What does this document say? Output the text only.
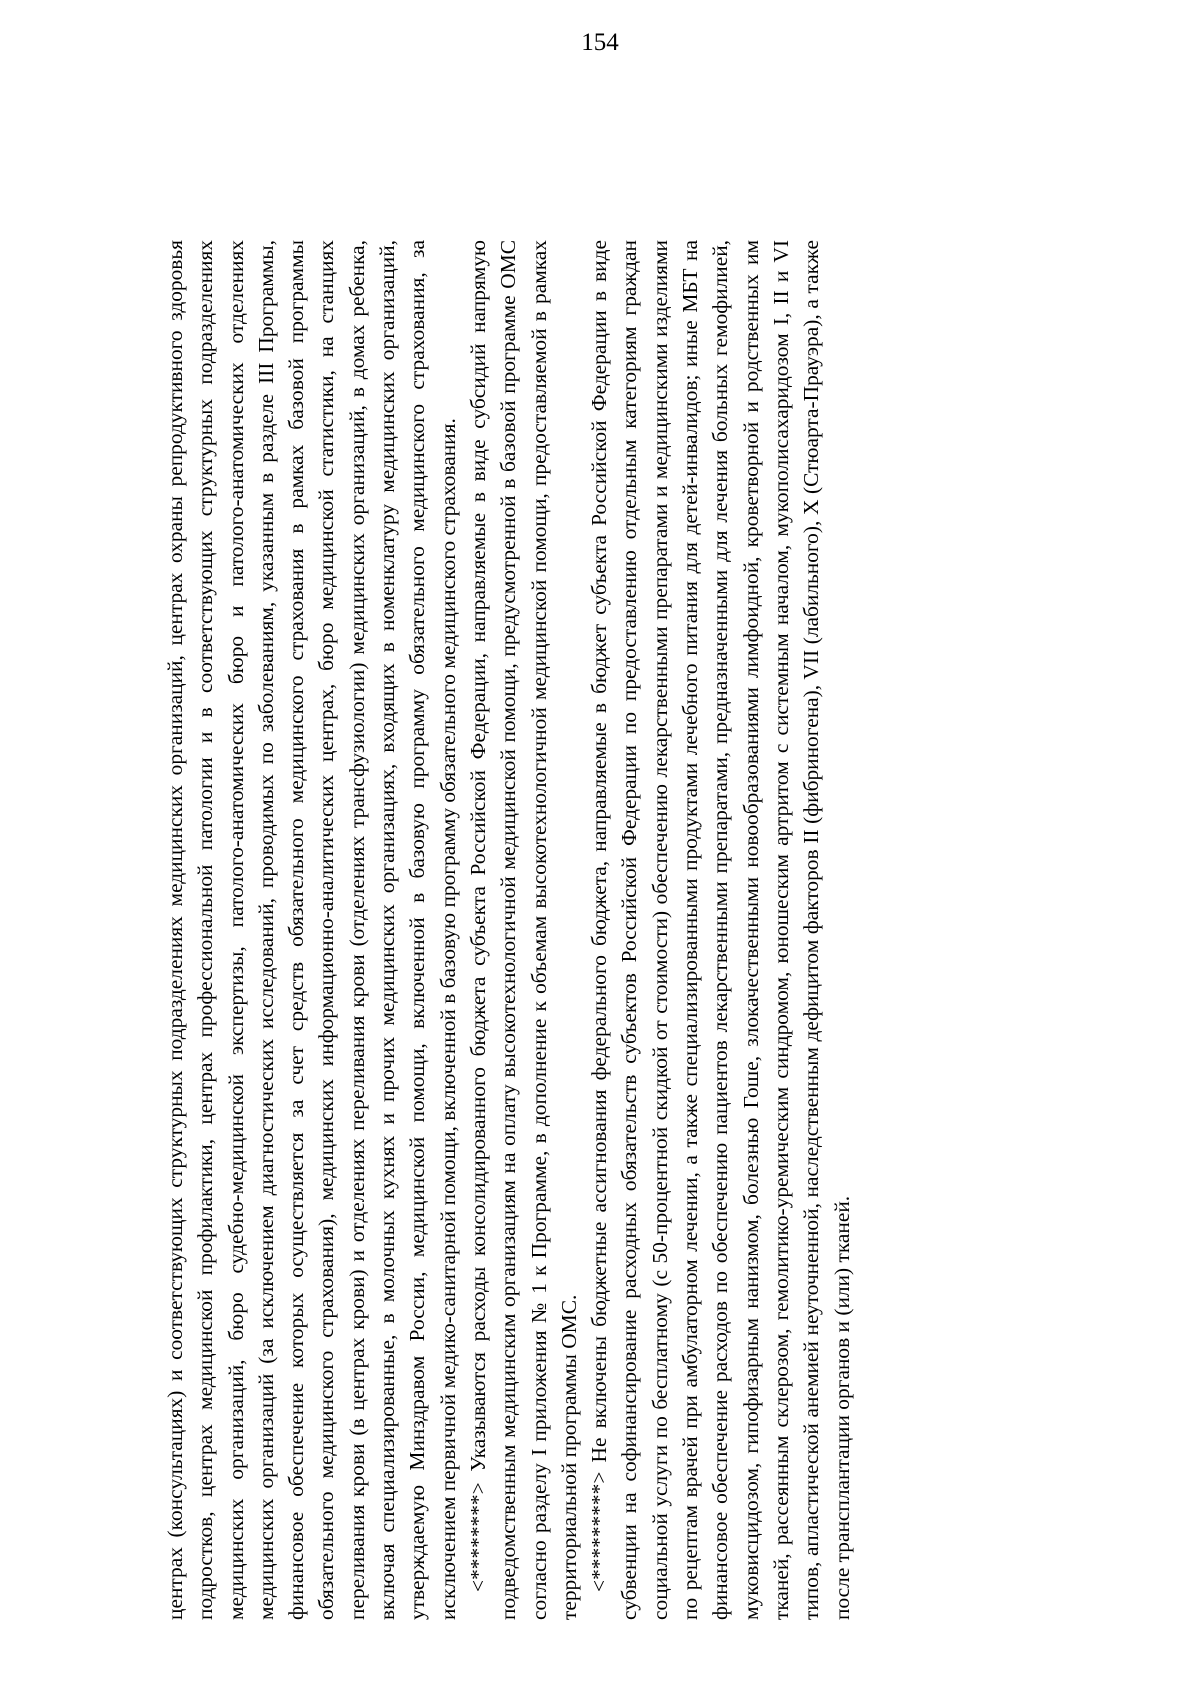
154

центрах (консультациях) и соответствующих структурных подразделениях медицинских организаций, центрах охраны репродуктивного здоровья подростков, центрах медицинской профилактики, центрах профессиональной патологии и в соответствующих структурных подразделениях медицинских организаций, бюро судебно-медицинской экспертизы, патолого-анатомических бюро и патолого-анатомических отделениях медицинских организаций (за исключением диагностических исследований, проводимых по заболеваниям, указанным в разделе III Программы, финансовое обеспечение которых осуществляется за счет средств обязательного медицинского страхования в рамках базовой программы обязательного медицинского страхования), медицинских информационно-аналитических центрах, бюро медицинской статистики, на станциях переливания крови (в центрах крови) и отделениях переливания крови (отделениях трансфузиологии) медицинских организаций, в домах ребенка, включая специализированные, в молочных кухнях и прочих медицинских организациях, входящих в номенклатуру медицинских организаций, утверждаемую Минздравом России, медицинской помощи, включенной в базовую программу обязательного медицинского страхования, за исключением первичной медико-санитарной помощи, включенной в базовую программу обязательного медицинского страхования. <********> Указываются расходы консолидированного бюджета субъекта Российской Федерации, направляемые в виде субсидий напрямую подведомственным медицинским организациям на оплату высокотехнологичной медицинской помощи, предусмотренной в базовой программе ОМС согласно разделу I приложения № 1 к Программе, в дополнение к объемам высокотехнологичной медицинской помощи, предоставляемой в рамках территориальной программы ОМС. <*********> Не включены бюджетные ассигнования федерального бюджета, направляемые в бюджет субъекта Российской Федерации в виде субвенции на софинансирование расходных обязательств субъектов Российской Федерации по предоставлению отдельным категориям граждан социальной услуги по бесплатному (с 50-процентной скидкой от стоимости) обеспечению лекарственными препаратами и медицинскими изделиями по рецептам врачей при амбулаторном лечении, а также специализированными продуктами лечебного питания для детей-инвалидов; иные МБТ на финансовое обеспечение расходов по обеспечению пациентов лекарственными препаратами, предназначенными для лечения больных гемофилией, муковисцидозом, гипофизарным нанизмом, болезнью Гоше, злокачественными новообразованиями лимфоидной, кроветворной и родственных им тканей, рассеянным склерозом, гемолитико-уремическим синдромом, юношеским артритом с системным началом, мукополисахаридозом I, II и VI типов, апластической анемией неуточненной, наследственным дефицитом факторов II (фибриногена), VII (лабильного), X (Стюарта-Прауэра), а также после трансплантации органов и (или) тканей.
